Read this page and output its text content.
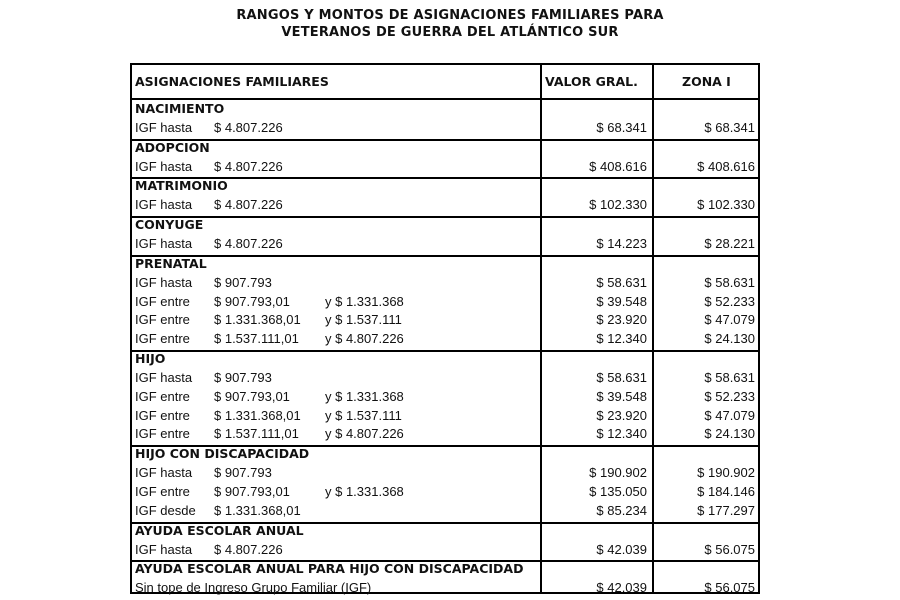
RANGOS Y MONTOS DE ASIGNACIONES FAMILIARES PARA
VETERANOS DE GUERRA DEL ATLÁNTICO SUR
ASIGNACIONES FAMILIARES	VALOR GRAL.	ZONA I
NACIMIENTO
IGF hasta $ 4.807.226	$ 68.341	$ 68.341
ADOPCION
IGF hasta $ 4.807.226	$ 408.616	$ 408.616
MATRIMONIO
IGF hasta $ 4.807.226	$ 102.330	$ 102.330
CONYUGE
IGF hasta $ 4.807.226	$ 14.223	$ 28.221
PRENATAL
IGF hasta $ 907.793	$ 58.631	$ 58.631
IGF entre $ 907.793,01	y $ 1.331.368	$ 39.548	$ 52.233
IGF entre $ 1.331.368,01 y $ 1.537.111	$ 23.920	$ 47.079
IGF entre $ 1.537.111,01 y $ 4.807.226	$ 12.340	$ 24.130
HIJO
IGF hasta $ 907.793	$ 58.631	$ 58.631
IGF entre $ 907.793,01	y $ 1.331.368	$ 39.548	$ 52.233
IGF entre $ 1.331.368,01 y $ 1.537.111	$ 23.920	$ 47.079
IGF entre $ 1.537.111,01 y $ 4.807.226	$ 12.340	$ 24.130
HIJO CON DISCAPACIDAD
IGF hasta $ 907.793	$ 190.902	$ 190.902
IGF entre $ 907.793,01	y $ 1.331.368	$ 135.050	$ 184.146
IGF desde $ 1.331.368,01	$ 85.234	$ 177.297
AYUDA ESCOLAR ANUAL
IGF hasta $ 4.807.226	$ 42.039	$ 56.075
AYUDA ESCOLAR ANUAL PARA HIJO CON DISCAPACIDAD
Sin tope de Ingreso Grupo Familiar (IGF)	$ 42.039	$ 56.075
